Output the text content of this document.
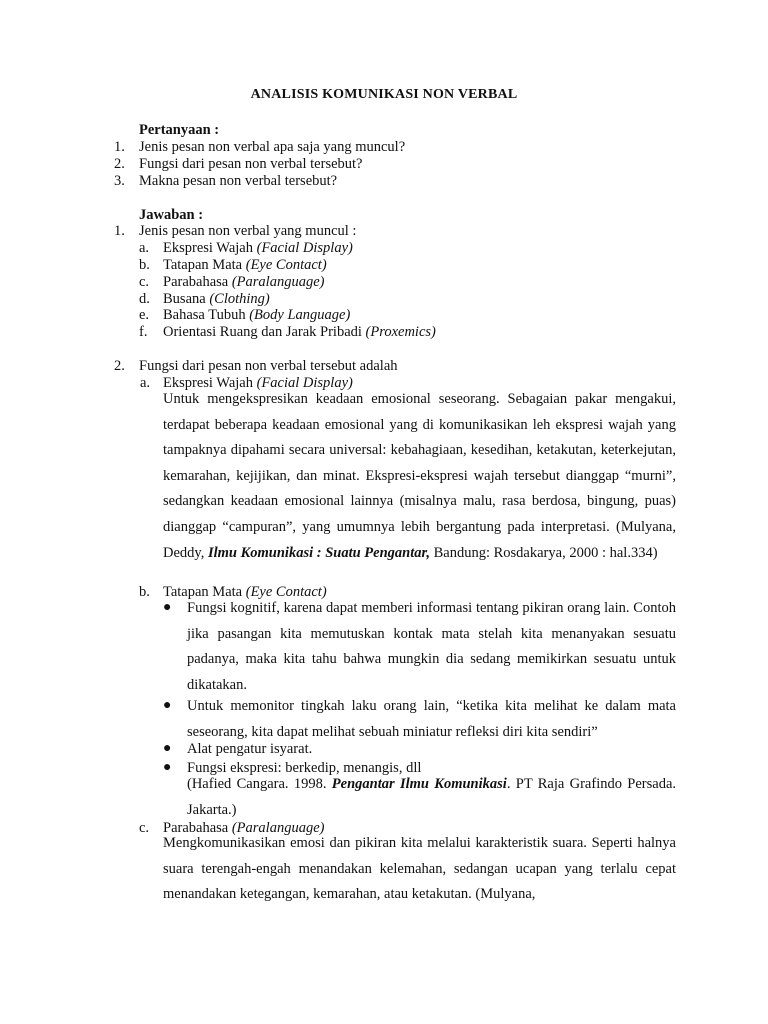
ANALISIS KOMUNIKASI NON VERBAL
Pertanyaan :
1. Jenis pesan non verbal apa saja yang muncul?
2. Fungsi dari pesan non verbal tersebut?
3. Makna pesan non verbal tersebut?
Jawaban :
1. Jenis pesan non verbal yang muncul :
a. Ekspresi Wajah (Facial Display)
b. Tatapan Mata (Eye Contact)
c. Parabahasa (Paralanguage)
d. Busana (Clothing)
e. Bahasa Tubuh (Body Language)
f. Orientasi Ruang dan Jarak Pribadi (Proxemics)
2. Fungsi dari pesan non verbal tersebut adalah
a. Ekspresi Wajah (Facial Display)
Untuk mengekspresikan keadaan emosional seseorang. Sebagaian pakar mengakui, terdapat beberapa keadaan emosional yang di komunikasikan leh ekspresi wajah yang tampaknya dipahami secara universal: kebahagiaan, kesedihan, ketakutan, keterkejutan, kemarahan, kejijikan, dan minat. Ekspresi-ekspresi wajah tersebut dianggap “murni”, sedangkan keadaan emosional lainnya (misalnya malu, rasa berdosa, bingung, puas) dianggap “campuran”, yang umumnya lebih bergantung pada interpretasi. (Mulyana, Deddy, Ilmu Komunikasi : Suatu Pengantar, Bandung: Rosdakarya, 2000 : hal.334)
b. Tatapan Mata (Eye Contact)
● Fungsi kognitif, karena dapat memberi informasi tentang pikiran orang lain. Contoh jika pasangan kita memutuskan kontak mata stelah kita menanyakan sesuatu padanya, maka kita tahu bahwa mungkin dia sedang memikirkan sesuatu untuk dikatakan.
● Untuk memonitor tingkah laku orang lain, “ketika kita melihat ke dalam mata seseorang, kita dapat melihat sebuah miniatur refleksi diri kita sendiri”
● Alat pengatur isyarat.
● Fungsi ekspresi: berkedip, menangis, dll
(Hafied Cangara. 1998. Pengantar Ilmu Komunikasi. PT Raja Grafindo Persada. Jakarta.)
c. Parabahasa (Paralanguage)
Mengkomunikasikan emosi dan pikiran kita melalui karakteristik suara. Seperti halnya suara terengah-engah menandakan kelemahan, sedangan ucapan yang terlalu cepat menandakan ketegangan, kemarahan, atau ketakutan. (Mulyana,
